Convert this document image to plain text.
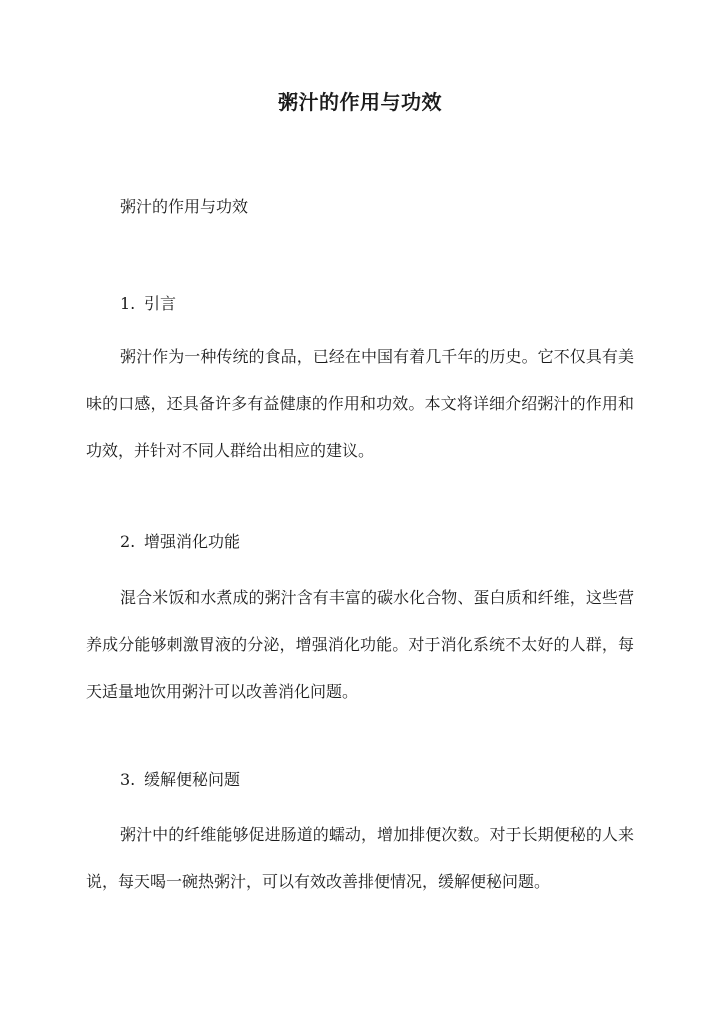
粥汁的作用与功效
粥汁的作用与功效
1. 引言

粥汁作为一种传统的食品，已经在中国有着几千年的历史。它不仅具有美味的口感，还具备许多有益健康的作用和功效。本文将详细介绍粥汁的作用和功效，并针对不同人群给出相应的建议。

2. 增强消化功能

混合米饭和水煮成的粥汁含有丰富的碳水化合物、蛋白质和纤维，这些营养成分能够刺激胃液的分泌，增强消化功能。对于消化系统不太好的人群，每天适量地饮用粥汁可以改善消化问题。

3. 缓解便秘问题

粥汁中的纤维能够促进肠道的蠕动，增加排便次数。对于长期便秘的人来说，每天喝一碗热粥汁，可以有效改善排便情况，缓解便秘问题。
